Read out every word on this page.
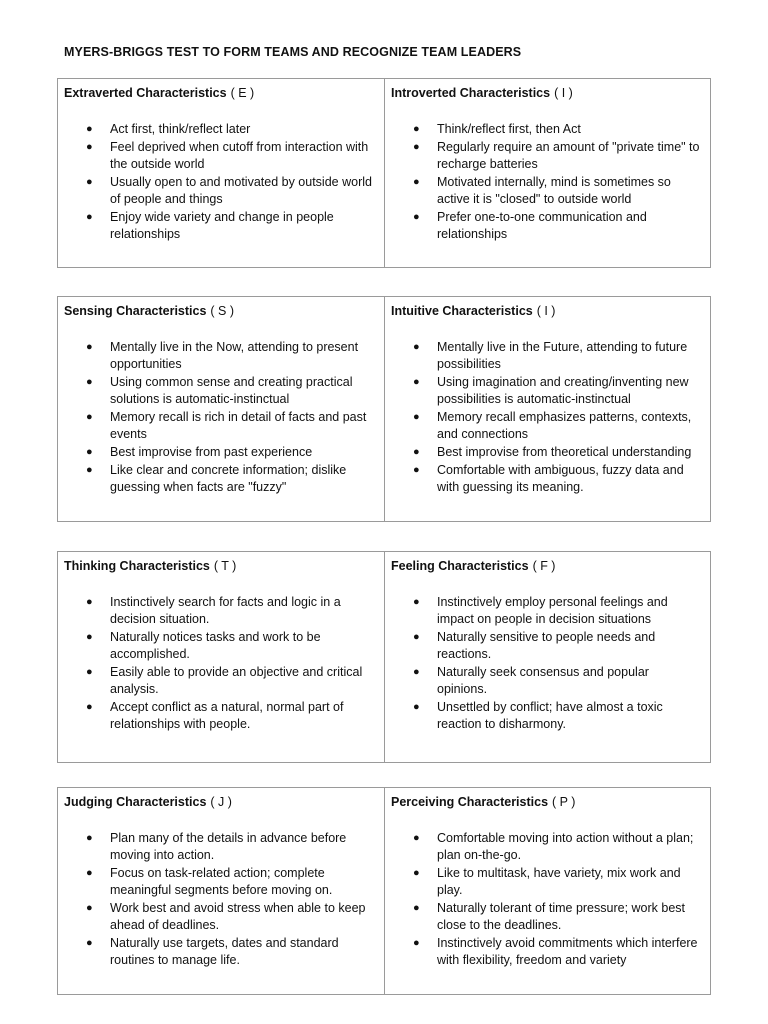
MYERS-BRIGGS TEST TO FORM TEAMS AND RECOGNIZE TEAM LEADERS
Extraverted Characteristics ( E )
● Act first, think/reflect later
● Feel deprived when cutoff from interaction with the outside world
● Usually open to and motivated by outside world of people and things
● Enjoy wide variety and change in people relationships
Introverted Characteristics ( I )
● Think/reflect first, then Act
● Regularly require an amount of "private time" to recharge batteries
● Motivated internally, mind is sometimes so active it is "closed" to outside world
● Prefer one-to-one communication and relationships
Sensing Characteristics ( S )
● Mentally live in the Now, attending to present opportunities
● Using common sense and creating practical solutions is automatic-instinctual
● Memory recall is rich in detail of facts and past events
● Best improvise from past experience
● Like clear and concrete information; dislike guessing when facts are "fuzzy"
Intuitive Characteristics ( I )
● Mentally live in the Future, attending to future possibilities
● Using imagination and creating/inventing new possibilities is automatic-instinctual
● Memory recall emphasizes patterns, contexts, and connections
● Best improvise from theoretical understanding
● Comfortable with ambiguous, fuzzy data and with guessing its meaning.
Thinking Characteristics ( T )
● Instinctively search for facts and logic in a decision situation.
● Naturally notices tasks and work to be accomplished.
● Easily able to provide an objective and critical analysis.
● Accept conflict as a natural, normal part of relationships with people.
Feeling Characteristics ( F )
● Instinctively employ personal feelings and impact on people in decision situations
● Naturally sensitive to people needs and reactions.
● Naturally seek consensus and popular opinions.
● Unsettled by conflict; have almost a toxic reaction to disharmony.
Judging Characteristics ( J )
● Plan many of the details in advance before moving into action.
● Focus on task-related action; complete meaningful segments before moving on.
● Work best and avoid stress when able to keep ahead of deadlines.
● Naturally use targets, dates and standard routines to manage life.
Perceiving Characteristics ( P )
● Comfortable moving into action without a plan; plan on-the-go.
● Like to multitask, have variety, mix work and play.
● Naturally tolerant of time pressure; work best close to the deadlines.
● Instinctively avoid commitments which interfere with flexibility, freedom and variety
